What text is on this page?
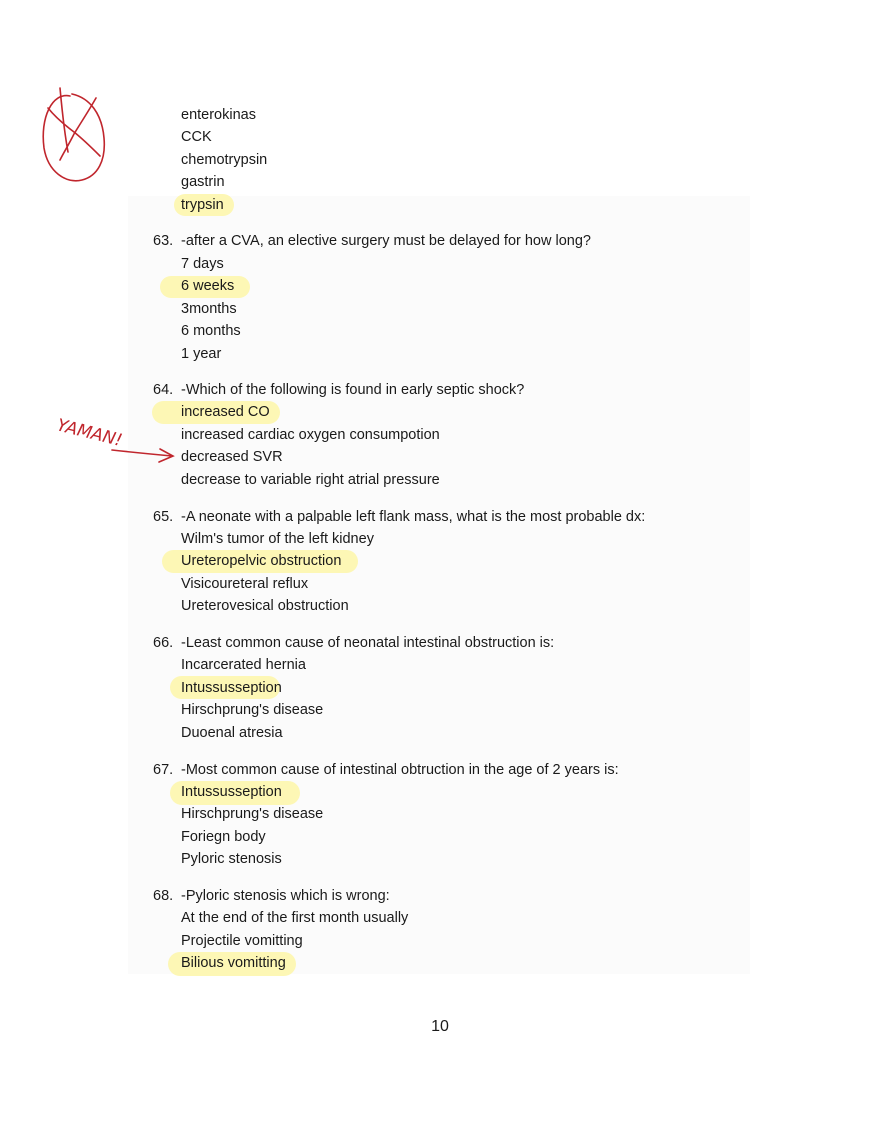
enterokinas
CCK
chemotrypsin
gastrin
trypsin
63. -after a CVA, an elective surgery must be delayed for how long?
7 days
6 weeks
3months
6 months
1 year
64. -Which of the following is found in early septic shock?
increased CO
increased cardiac oxygen consumpotion
decreased SVR
decrease to variable right atrial pressure
65. -A neonate with a palpable left flank mass, what is the most probable dx:
Wilm's tumor of the left kidney
Ureteropelvic obstruction
Visicoureteral reflux
Ureterovesical obstruction
66. -Least common cause of neonatal intestinal obstruction is:
Incarcerated hernia
Intussusseption
Hirschprung's disease
Duoenal atresia
67. -Most common cause of intestinal obtruction in the age of 2 years is:
Intussusseption
Hirschprung's disease
Foriegn body
Pyloric stenosis
68. -Pyloric stenosis which is wrong:
At the end of the first month usually
Projectile vomitting
Bilious vomitting
10
YAMAN!
